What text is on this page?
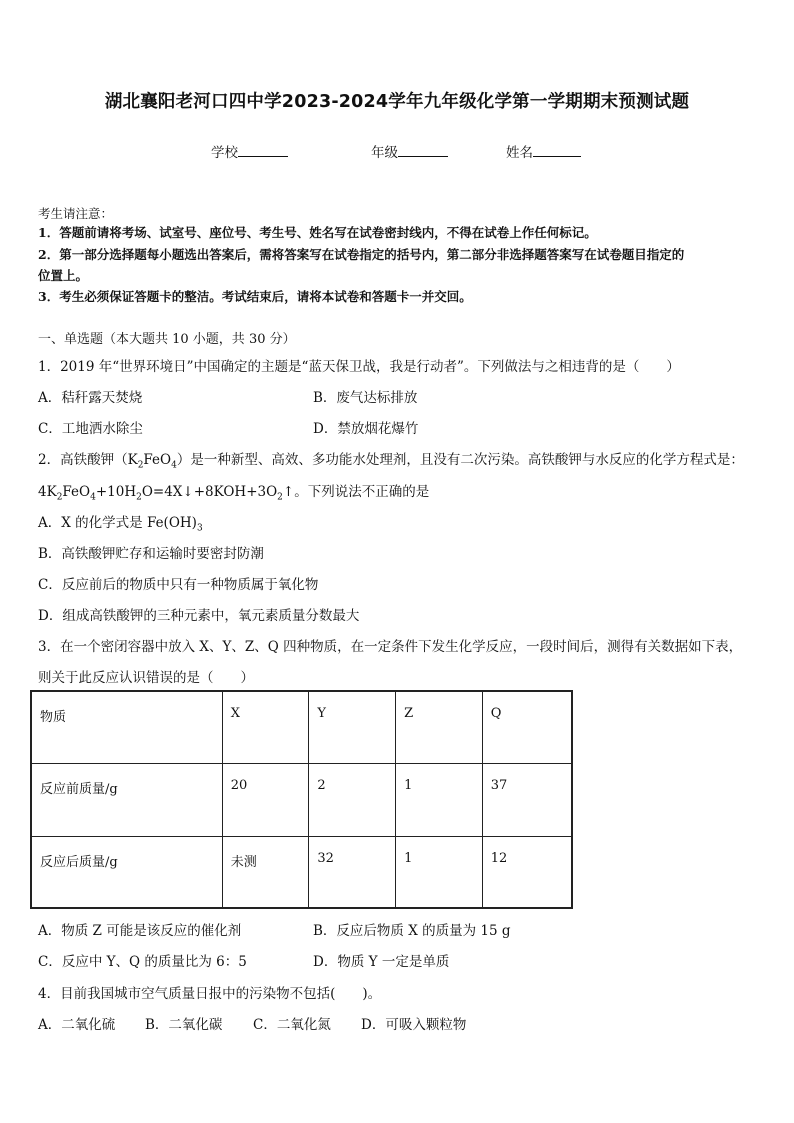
湖北襄阳老河口四中学2023-2024学年九年级化学第一学期期末预测试题
学校	年级	姓名
考生请注意：
1．答题前请将考场、试室号、座位号、考生号、姓名写在试卷密封线内，不得在试卷上作任何标记。
2．第一部分选择题每小题选出答案后，需将答案写在试卷指定的括号内，第二部分非选择题答案写在试卷题目指定的
位置上。
3．考生必须保证答题卡的整洁。考试结束后，请将本试卷和答题卡一并交回。
一、单选题（本大题共 10 小题，共 30 分）
1．2019 年“世界环境日”中国确定的主题是“蓝天保卫战，我是行动者”。下列做法与之相违背的是（　　）
A．秸秆露天焚烧	B．废气达标排放
C．工地洒水除尘	D．禁放烟花爆竹
2．高铁酸钾$(K_2FeO_4)$是一种新型、高效、多功能水处理剂，且没有二次污染。高铁酸钾与水反应的化学方程式是：
$4K_2FeO_4+10H_2O=4X↓+8KOH+3O_2↑$。下列说法不正确的是
A．X 的化学式是 $Fe(OH)_3$
B．高铁酸钾贮存和运输时要密封防潮
C．反应前后的物质中只有一种物质属于氧化物
D．组成高铁酸钾的三种元素中，氧元素质量分数最大
3．在一个密闭容器中放入 X、Y、Z、Q 四种物质，在一定条件下发生化学反应，一段时间后，测得有关数据如下表，
则关于此反应认识错误的是（　　）
物质	X	Y	Z	Q
反应前质量/g	20	2	1	37
反应后质量/g	未测	32	1	12
A．物质 Z 可能是该反应的催化剂	B．反应后物质 X 的质量为 15 g
C．反应中 Y、Q 的质量比为 6：5	D．物质 Y 一定是单质
4．目前我国城市空气质量日报中的污染物不包括(　　)。
A．二氧化硫 B．二氧化碳 C．二氧化氮 D．可吸入颗粒物
